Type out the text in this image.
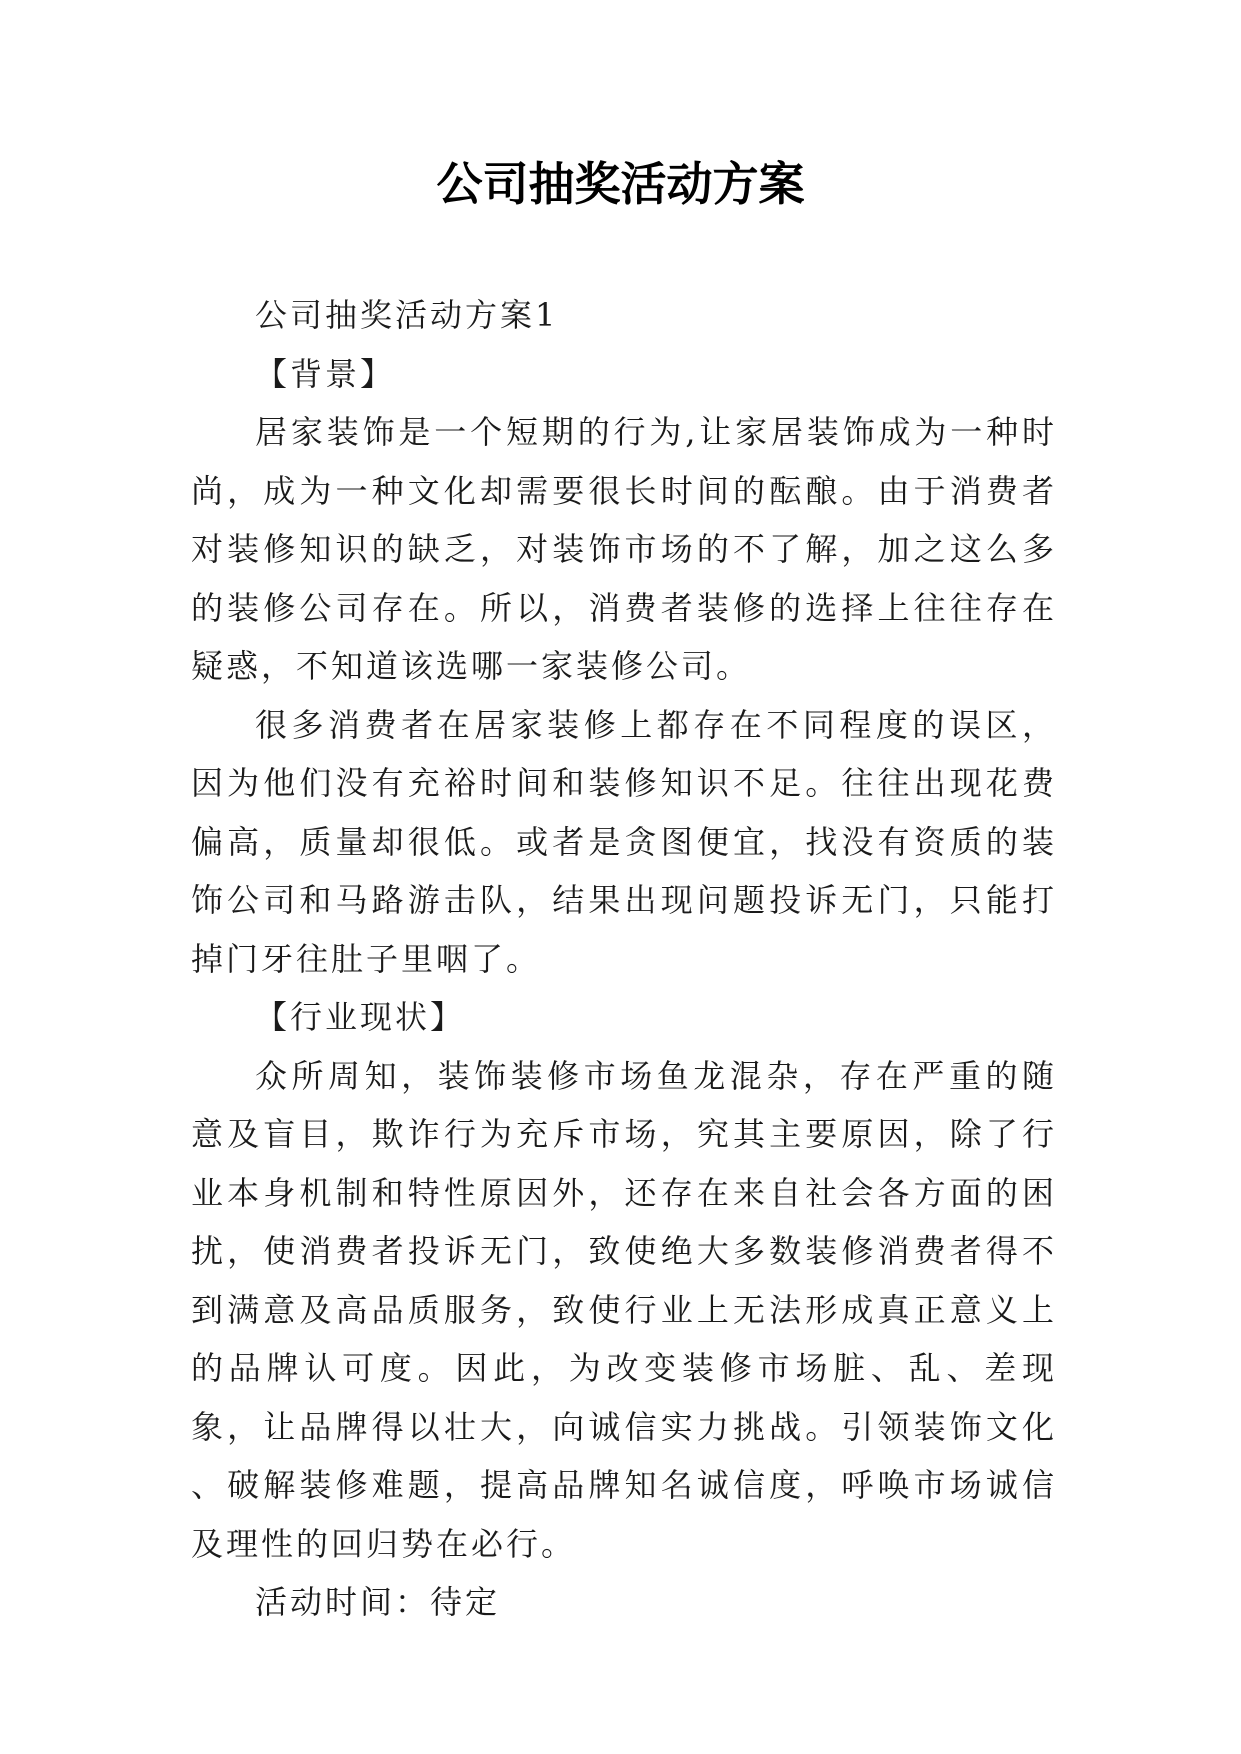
公司抽奖活动方案

公司抽奖活动方案1

【背景】

居家装饰是一个短期的行为,让家居装饰成为一种时尚，成为一种文化却需要很长时间的酝酿。由于消费者对装修知识的缺乏，对装饰市场的不了解，加之这么多的装修公司存在。所以，消费者装修的选择上往往存在疑惑，不知道该选哪一家装修公司。

很多消费者在居家装修上都存在不同程度的误区，因为他们没有充裕时间和装修知识不足。往往出现花费偏高，质量却很低。或者是贪图便宜，找没有资质的装饰公司和马路游击队，结果出现问题投诉无门，只能打掉门牙往肚子里咽了。

【行业现状】

众所周知，装饰装修市场鱼龙混杂，存在严重的随意及盲目，欺诈行为充斥市场，究其主要原因，除了行业本身机制和特性原因外，还存在来自社会各方面的困扰，使消费者投诉无门，致使绝大多数装修消费者得不到满意及高品质服务，致使行业上无法形成真正意义上的品牌认可度。因此，为改变装修市场脏、乱、差现象，让品牌得以壮大，向诚信实力挑战。引领装饰文化 、破解装修难题，提高品牌知名诚信度，呼唤市场诚信及理性的回归势在必行。

活动时间：待定
